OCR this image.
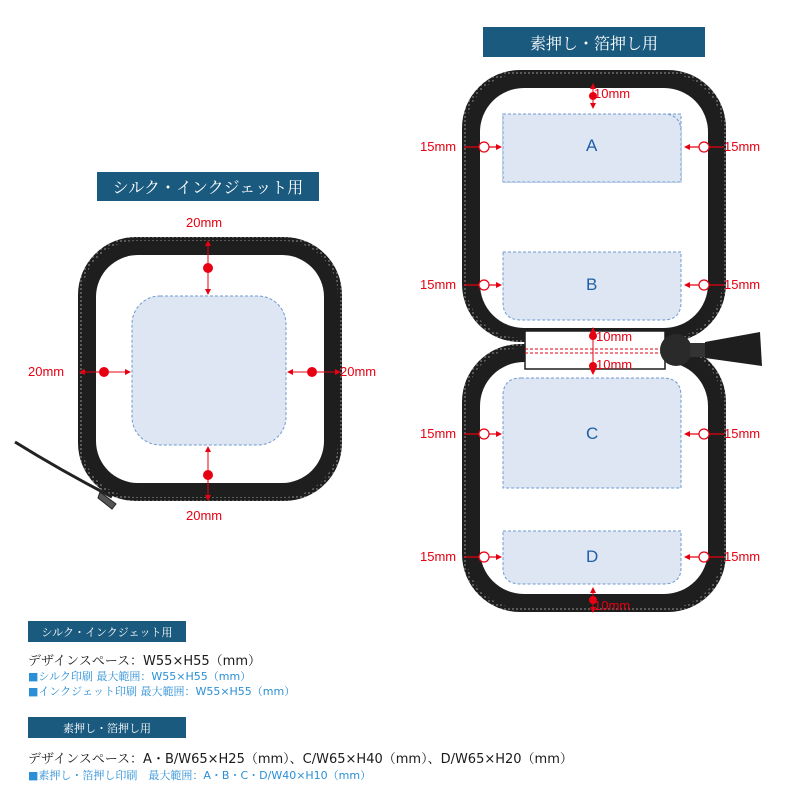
シルク・インクジェット用
素押し・箔押し用
20mm
20mm
20mm	20mm
10mm
15mm	15mm
15mm	15mm
10mm
10mm
15mm	15mm
15mm	15mm
10mm
A
B
C
D
シルク・インクジェット用
デザインスペース：W55×H55（mm）
■シルク印刷 最大範囲：W55×H55（mm）
■インクジェット印刷 最大範囲：W55×H55（mm）
素押し・箔押し用
デザインスペース：A・B/W65×H25（mm）、C/W65×H40（mm）、D/W65×H20（mm）
■素押し・箔押し印刷　最大範囲：A・B・C・D/W40×H10（mm）
